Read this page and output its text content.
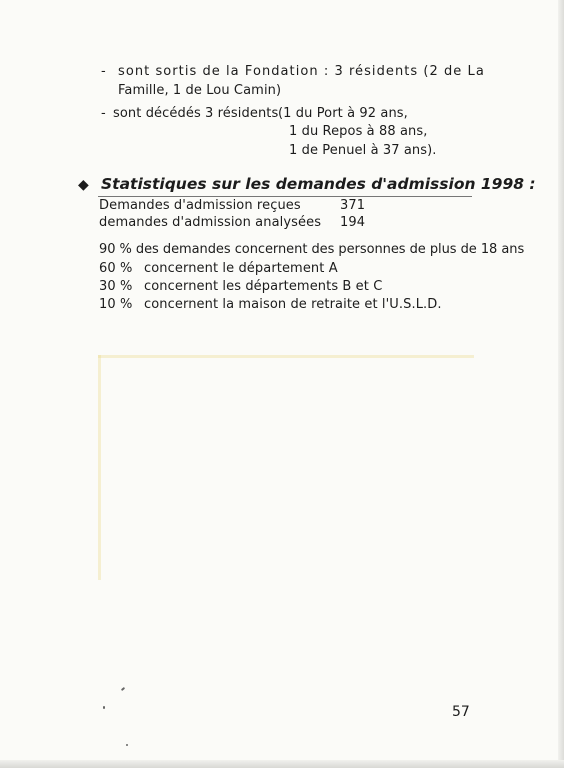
- sont sortis de la Fondation : 3 résidents (2 de La
Famille, 1 de Lou Camin)
- sont décédés 3 résidents (1 du Port à 92 ans,
1 du Repos à 88 ans,
1 de Penuel à 37 ans).
◆ Statistiques sur les demandes d'admission 1998 :
Demandes d'admission reçues	371
demandes d'admission analysées 194
90 % des demandes concernent des personnes de plus de 18 ans
60 % concernent le département A
30 % concernent les départements B et C
10 % concernent la maison de retraite et l'U.S.L.D.
57
